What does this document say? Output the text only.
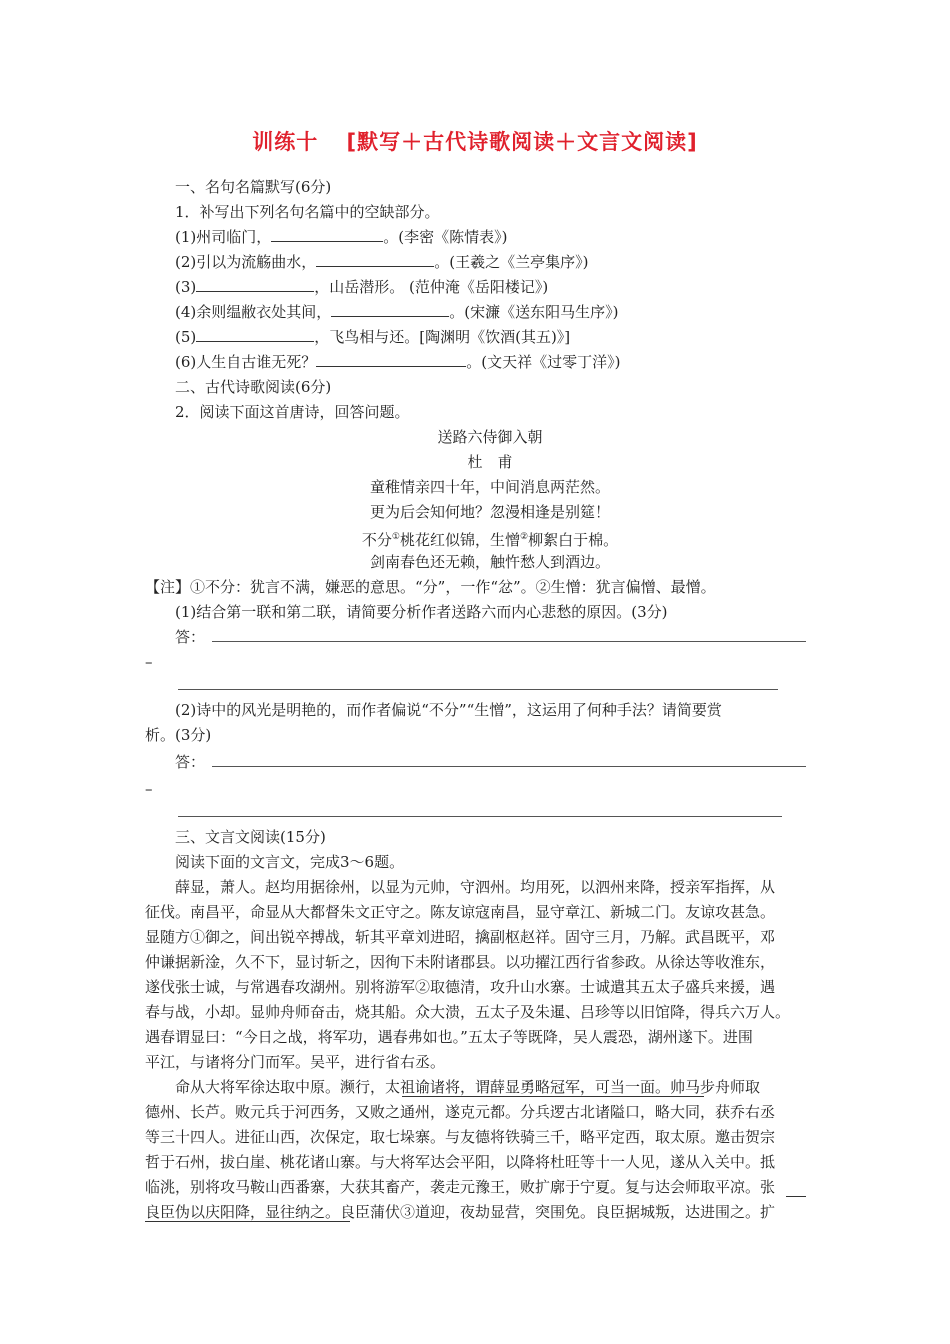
训练十 [默写＋古代诗歌阅读＋文言文阅读]
一、名句名篇默写(6分)
1．补写出下列名句名篇中的空缺部分。
(1)州司临门，	。(李密《陈情表》)
(2)引以为流觞曲水，	。(王羲之《兰亭集序》)
(3)	，山岳潜形。 (范仲淹《岳阳楼记》)
(4)余则缊敝衣处其间，	。(宋濂《送东阳马生序》)
(5)	，飞鸟相与还。[陶渊明《饮酒(其五)》]
(6)人生自古谁无死？	。(文天祥《过零丁洋》)
二、古代诗歌阅读(6分)
2．阅读下面这首唐诗，回答问题。
送路六侍御入朝
杜　甫
童稚情亲四十年，中间消息两茫然。
更为后会知何地？忽漫相逢是别筵！
不分①桃花红似锦，生憎②柳絮白于棉。
剑南春色还无赖，触忤愁人到酒边。
【注】①不分：犹言不满，嫌恶的意思。“分”，一作“忿”。②生憎：犹言偏憎、最憎。
(1)结合第一联和第二联，请简要分析作者送路六而内心悲愁的原因。(3分)
答：
–
(2)诗中的风光是明艳的，而作者偏说“不分”“生憎”，这运用了何种手法？请简要赏
析。(3分)
答：
–
三、文言文阅读(15分)
阅读下面的文言文，完成3～6题。
薛显，萧人。赵均用据徐州，以显为元帅，守泗州。均用死，以泗州来降，授亲军指挥，从
征伐。南昌平，命显从大都督朱文正守之。陈友谅寇南昌，显守章江、新城二门。友谅攻甚急。
显随方①御之，间出锐卒搏战，斩其平章刘进昭，擒副枢赵祥。固守三月，乃解。武昌既平，邓
仲谦据新淦，久不下，显讨斩之，因徇下未附诸郡县。以功擢江西行省参政。从徐达等收淮东，
遂伐张士诚，与常遇春攻湖州。别将游军②取德清，攻升山水寨。士诚遣其五太子盛兵来援，遇
春与战，小却。显帅舟师奋击，烧其船。众大溃，五太子及朱暹、吕珍等以旧馆降，得兵六万人。
遇春谓显曰：“今日之战，将军功，遇春弗如也。”五太子等既降，吴人震恐，湖州遂下。进围
平江，与诸将分门而军。吴平，进行省右丞。
命从大将军徐达取中原。濒行，太祖谕诸将，谓薛显勇略冠军，可当一面。帅马步舟师取
德州、长芦。败元兵于河西务，又败之通州，遂克元都。分兵逻古北诸隘口，略大同，获乔右丞
等三十四人。进征山西，次保定，取七垛寨。与友德将铁骑三千，略平定西，取太原。邀击贺宗
哲于石州，拔白崖、桃花诸山寨。与大将军达会平阳，以降将杜旺等十一人见，遂从入关中。抵
临洮，别将攻马鞍山西番寨，大获其畜产，袭走元豫王，败扩廓于宁夏。复与达会师取平凉。张
良臣伪以庆阳降，显往纳之。良臣蒲伏③道迎，夜劫显营，突围免。良臣据城叛，达进围之。扩
